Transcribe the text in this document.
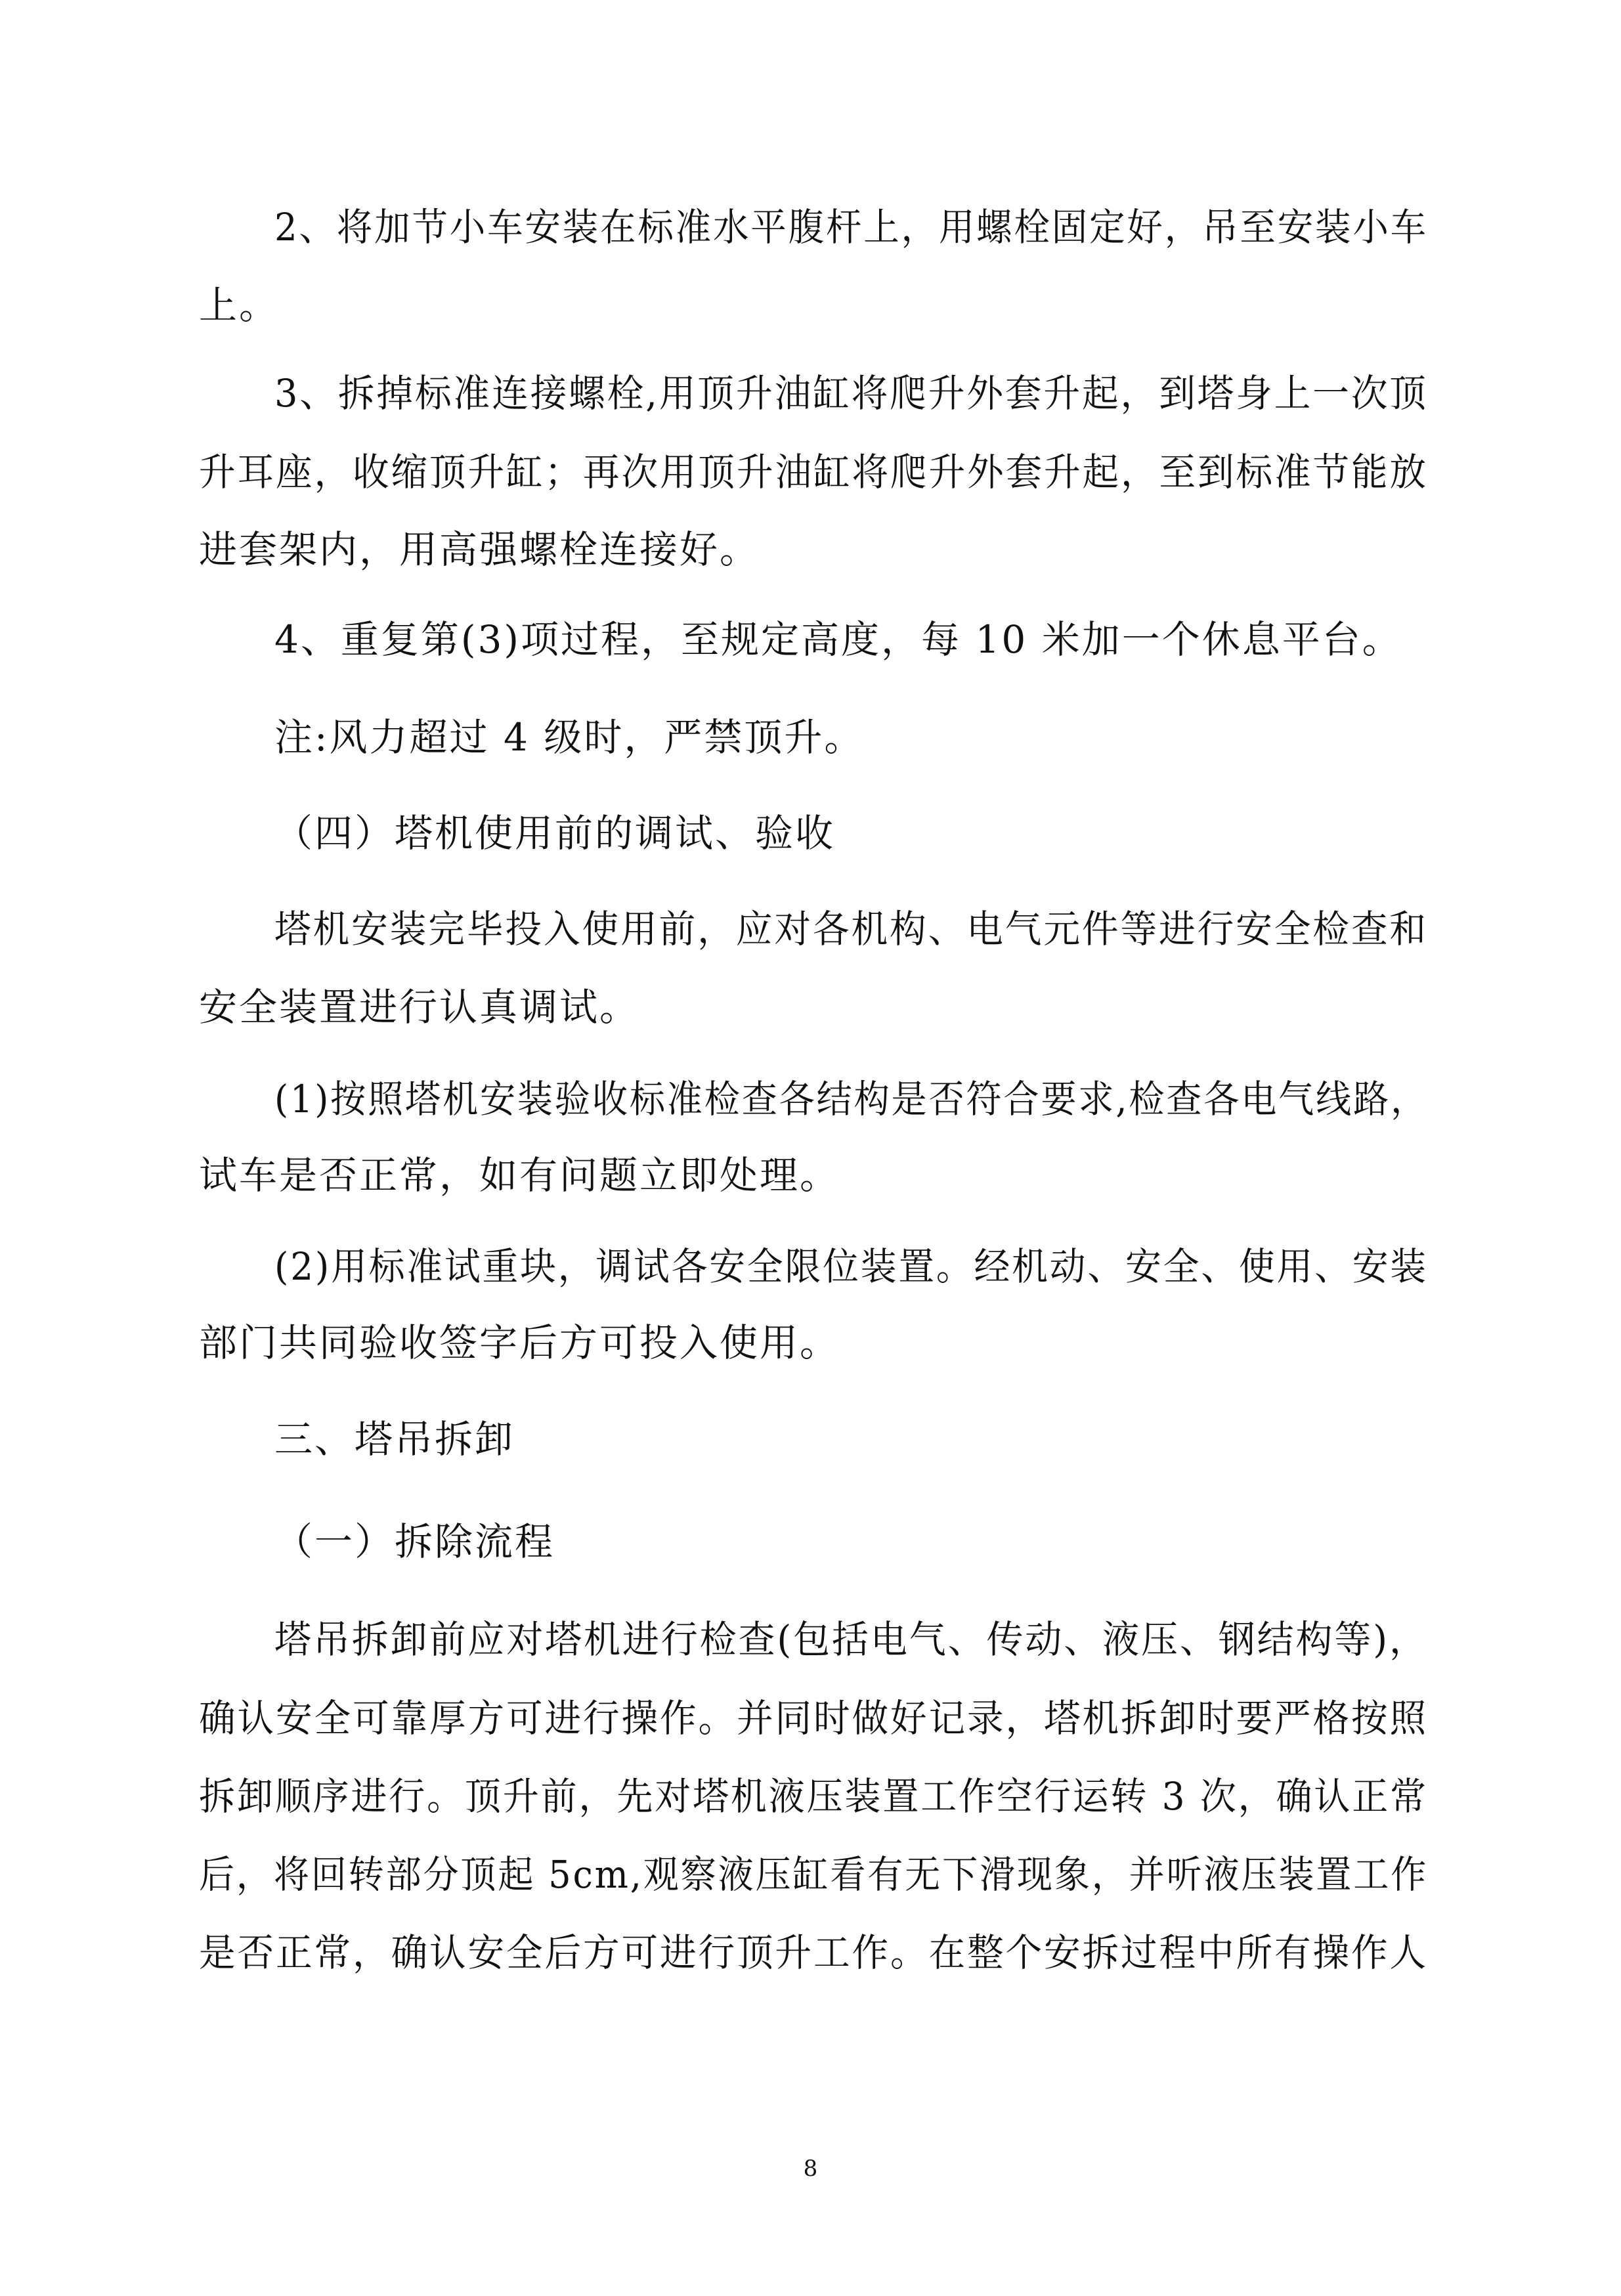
2、将加节小车安装在标准水平腹杆上，用螺栓固定好，吊至安装小车
上。
3、拆掉标准连接螺栓,用顶升油缸将爬升外套升起，到塔身上一次顶
升耳座，收缩顶升缸；再次用顶升油缸将爬升外套升起，至到标准节能放
进套架内，用高强螺栓连接好。
4、重复第(3)项过程，至规定高度，每 10 米加一个休息平台。
注:风力超过 4 级时，严禁顶升。
（四）塔机使用前的调试、验收
塔机安装完毕投入使用前，应对各机构、电气元件等进行安全检查和
安全装置进行认真调试。
(1)按照塔机安装验收标准检查各结构是否符合要求,检查各电气线路，
试车是否正常，如有问题立即处理。
(2)用标准试重块，调试各安全限位装置。经机动、安全、使用、安装
部门共同验收签字后方可投入使用。
三、塔吊拆卸
（一）拆除流程
塔吊拆卸前应对塔机进行检查(包括电气、传动、液压、钢结构等)，
确认安全可靠厚方可进行操作。并同时做好记录，塔机拆卸时要严格按照
拆卸顺序进行。顶升前，先对塔机液压装置工作空行运转 3 次，确认正常
后，将回转部分顶起 5cm,观察液压缸看有无下滑现象，并听液压装置工作
是否正常，确认安全后方可进行顶升工作。在整个安拆过程中所有操作人
8
